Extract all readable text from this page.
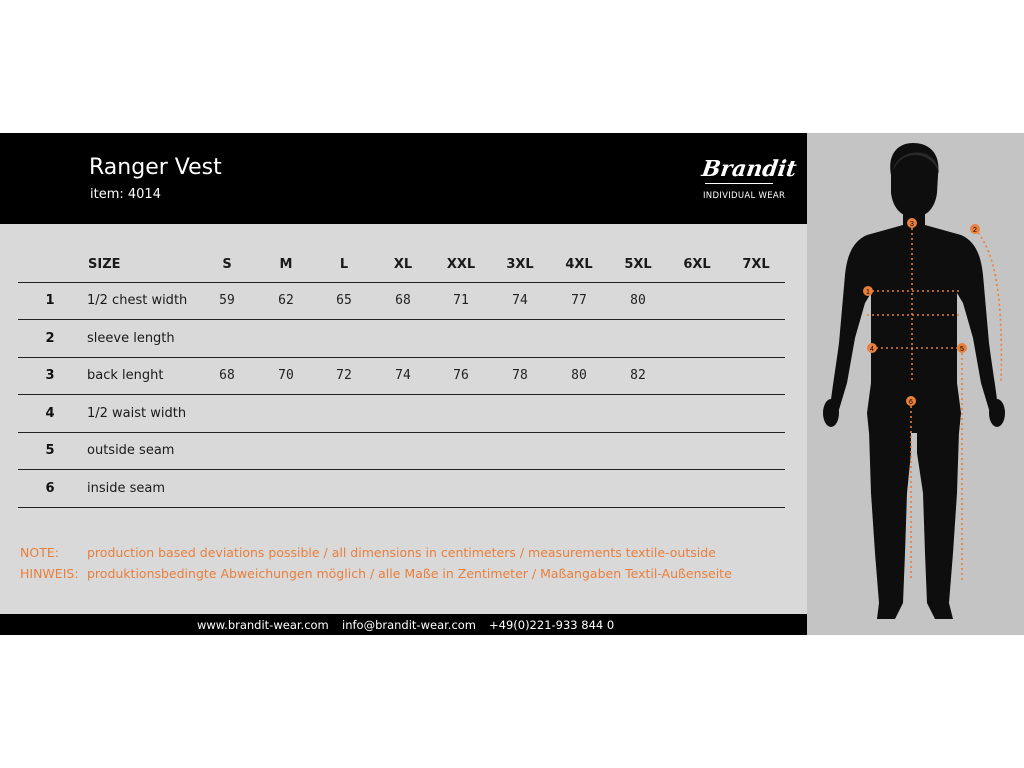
Ranger Vest
item: 4014
Brandit
INDIVIDUAL WEAR
SIZE	S	M	L	XL	XXL	3XL	4XL	5XL	6XL	7XL
1	1/2 chest width	59	62	65	68	71	74	77	80
2	sleeve length
3	back lenght	68	70	72	74	76	78	80	82
4	1/2 waist width
5	outside seam
6	inside seam
NOTE: production based deviations possible / all dimensions in centimeters / measurements textile-outside
HINWEIS: produktionsbedingte Abweichungen möglich / alle Maße in Zentimeter / Maßangaben Textil-Außenseite
www.brandit-wear.com info@brandit-wear.com +49(0)221-933 844 0
1
2
3
4	5
6
